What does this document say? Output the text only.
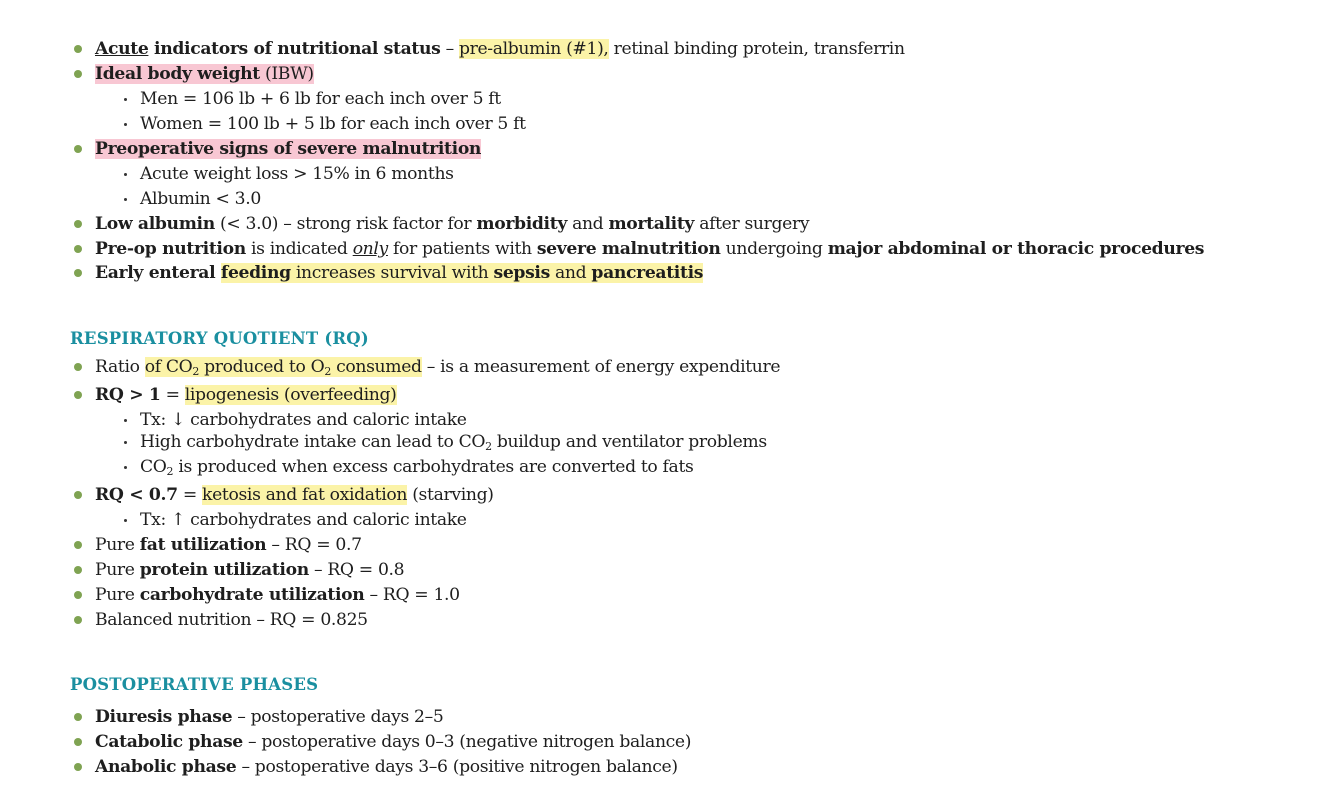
Acute indicators of nutritional status – pre-albumin (#1), retinal binding protein, transferrin
Ideal body weight (IBW)
Men = 106 lb + 6 lb for each inch over 5 ft
Women = 100 lb + 5 lb for each inch over 5 ft
Preoperative signs of severe malnutrition
Acute weight loss > 15% in 6 months
Albumin < 3.0
Low albumin (< 3.0) – strong risk factor for morbidity and mortality after surgery
Pre-op nutrition is indicated only for patients with severe malnutrition undergoing major abdominal or thoracic procedures
Early enteral feeding increases survival with sepsis and pancreatitis
RESPIRATORY QUOTIENT (RQ)
Ratio of $CO_2$ produced to $O_2$ consumed – is a measurement of energy expenditure
RQ > 1 = lipogenesis (overfeeding)
Tx: ↓ carbohydrates and caloric intake
High carbohydrate intake can lead to $CO_2$ buildup and ventilator problems
$CO_2$ is produced when excess carbohydrates are converted to fats
RQ < 0.7 = ketosis and fat oxidation (starving)
Tx: ↑ carbohydrates and caloric intake
Pure fat utilization – RQ = 0.7
Pure protein utilization – RQ = 0.8
Pure carbohydrate utilization – RQ = 1.0
Balanced nutrition – RQ = 0.825
POSTOPERATIVE PHASES
Diuresis phase – postoperative days 2–5
Catabolic phase – postoperative days 0–3 (negative nitrogen balance)
Anabolic phase – postoperative days 3–6 (positive nitrogen balance)
